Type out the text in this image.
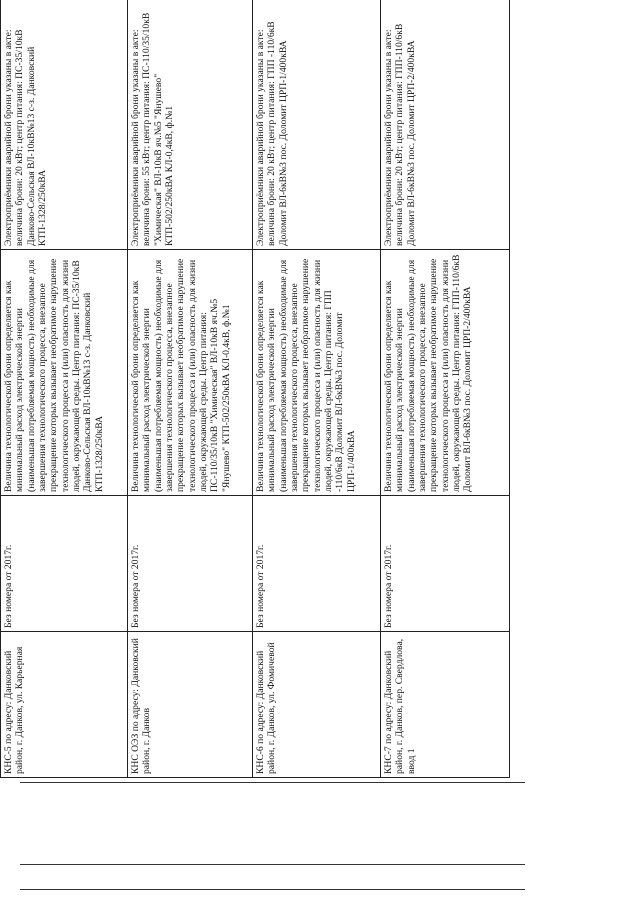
КНС-5 по адресу: Данковский район, г. Данков, ул. Карьерная	Без номера от 2017г.	Величина технологической брони определяется как минимальный расход электрической энергии (наименьшая потребляемая мощность) необходимые для завершения технологического процесса, внезапное прекращение которых вызывает необратимое нарушение технологического процесса и (или) опасность для жизни людей, окружающей среды. Центр питания: ПС-35/10кВ Данково-Сельская ВЛ-10кВ№13 с-з. Данковский КТП-1328/250кВА	Электроприёмники аварийной брони указаны в акте: величина брони: 20 кВт; центр питания: ПС-35/10кВ Данково-Сельская ВЛ-10кВ№13 с-з. Данковский КТП-1328/250кВА
КНС ОЭЗ по адресу: Данковский район, г. Данков	Без номера от 2017г.	Величина технологической брони определяется как минимальный расход электрической энергии (наименьшая потребляемая мощность) необходимые для завершения технологического процесса, внезапное прекращение которых вызывает необратимое нарушение технологического процесса и (или) опасность для жизни людей, окружающей среды. Центр питания: ПС-110/35/10кВ "Химическая" ВЛ-10кВ яч.№5 "Янушево" КТП-502/250кВА КЛ-0,4кВ, ф.№1	Электроприёмники аварийной брони указаны в акте: величина брони: 55 кВт; центр питания: ПС-110/35/10кВ "Химическая" ВЛ-10кВ яч.№5 "Янушево" КТП-502/250кВА КЛ-0,4кВ, ф.№1
КНС-6 по адресу: Данковский район, г. Данков, ул. Фомичевой	Без номера от 2017г.	Величина технологической брони определяется как минимальный расход электрической энергии (наименьшая потребляемая мощность) необходимые для завершения технологического процесса, внезапное прекращение которых вызывает необратимое нарушение технологического процесса и (или) опасность для жизни людей, окружающей среды. Центр питания: ГПП -110/6кВ Доломит ВЛ-6кВ№3 пос. Доломит ЦРП-1/400кВА	Электроприёмники аварийной брони указаны в акте: величина брони: 20 кВт; центр питания: ГПП -110/6кВ Доломит ВЛ-6кВ№3 пос. Доломит ЦРП-1/400кВА
КНС-7 по адресу: Данковский район, г. Данков, пер. Свердлова, ввод 1	Без номера от 2017г.	Величина технологической брони определяется как минимальный расход электрической энергии (наименьшая потребляемая мощность) необходимые для завершения технологического процесса, внезапное прекращение которых вызывает необратимое нарушение технологического процесса и (или) опасность для жизни людей, окружающей среды. Центр питания: ГПП-110/6кВ Доломит ВЛ-6кВ№3 пос. Доломит ЦРП-2/400кВА	Электроприёмники аварийной брони указаны в акте: величина брони: 20 кВт; центр питания: ГПП-110/6кВ Доломит ВЛ-6кВ№3 пос. Доломит ЦРП-2/400кВА
